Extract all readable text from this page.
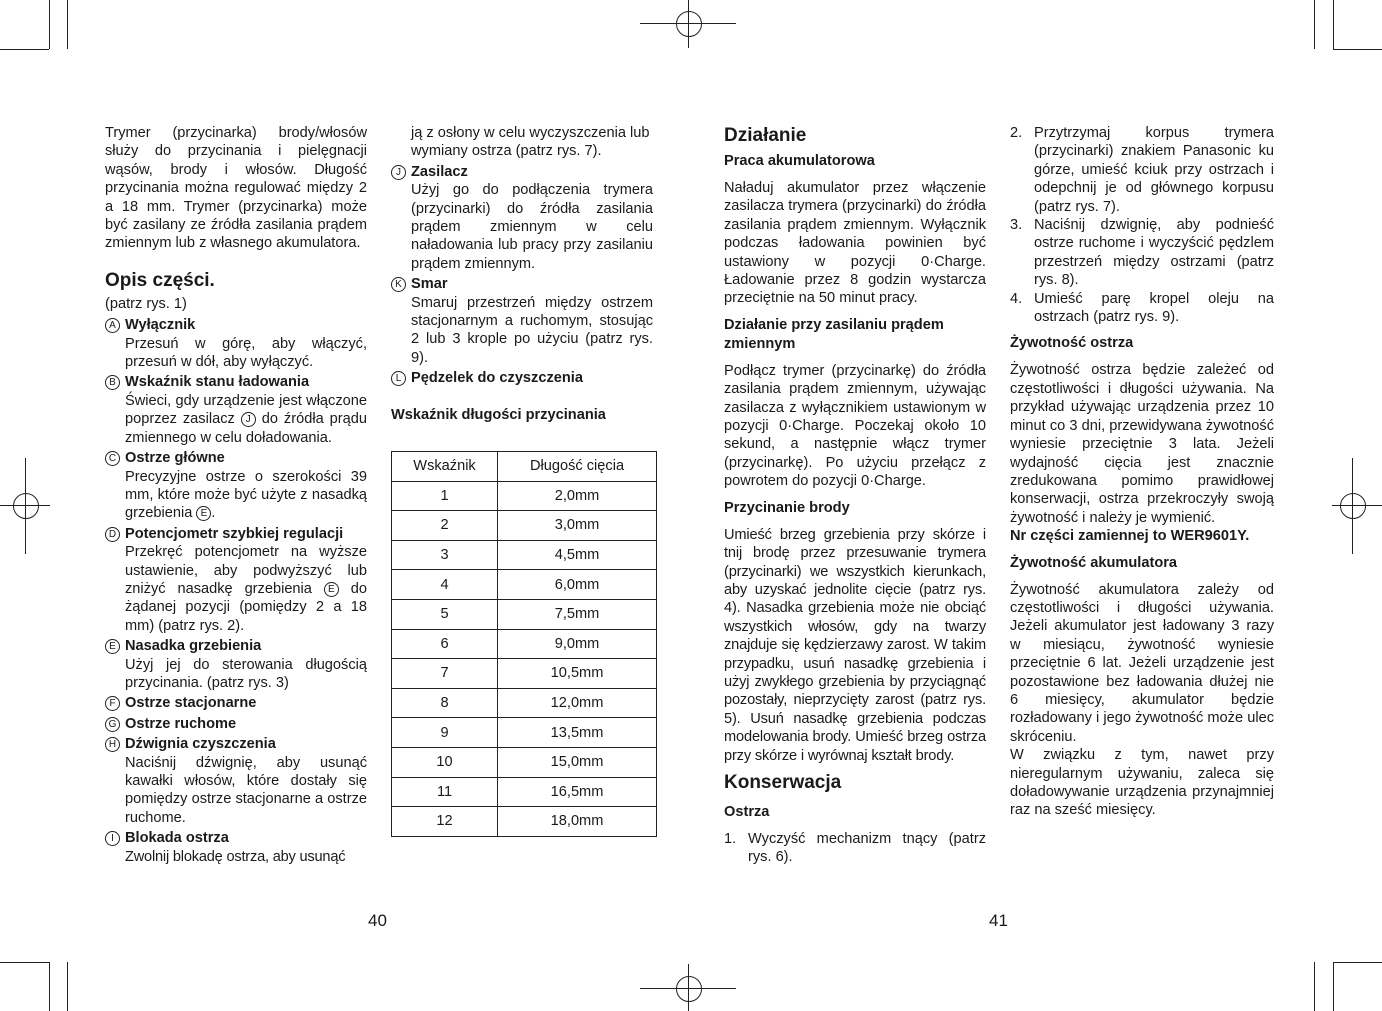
Trymer (przycinarka) brody/włosów służy do przycinania i pielęgnacji wąsów, brody i włosów. Długość przycinania można regulować między 2 a 18 mm. Trymer (przycinarka) może być zasilany ze źródła zasilania prądem zmiennym lub z własnego akumulatora.

Opis części.

(patrz rys. 1)

A Wyłącznik
Przesuń w górę, aby włączyć, przesuń w dół, aby wyłączyć.
B Wskaźnik stanu ładowania
Świeci, gdy urządzenie jest włączone poprzez zasilacz J do źródła prądu zmiennego w celu doładowania.
C Ostrze główne
Precyzyjne ostrze o szerokości 39 mm, które może być użyte z nasadką grzebienia E .
D Potencjometr szybkiej regulacji
Przekręć potencjometr na wyższe ustawienie, aby podwyższyć lub zniżyć nasadkę grzebienia E do żądanej pozycji (pomiędzy 2 a 18 mm) (patrz rys. 2).
E Nasadka grzebienia
Użyj jej do sterowania długością przycinania. (patrz rys. 3)
F Ostrze stacjonarne
G Ostrze ruchome
H Dźwignia czyszczenia
Naciśnij dźwignię, aby usunąć kawałki włosów, które dostały się pomiędzy ostrze stacjonarne a ostrze ruchome.
I Blokada ostrza
Zwolnij blokadę ostrza, aby usunąć

ją z osłony w celu wyczyszczenia lub wymiany ostrza (patrz rys. 7).

J Zasilacz
Użyj go do podłączenia trymera (przycinarki) do źródła zasilania prądem zmiennym w celu naładowania lub pracy przy zasilaniu prądem zmiennym.
K Smar
Smaruj przestrzeń między ostrzem stacjonarnym a ruchomym, stosując 2 lub 3 krople po użyciu (patrz rys. 9).
L Pędzelek do czyszczenia
Wskaźnik długości przycinania
Wskaźnik	Długość cięcia
1	2,0mm
2	3,0mm
3	4,5mm
4	6,0mm
5	7,5mm
6	9,0mm
7	10,5mm
8	12,0mm
9	13,5mm
10	15,0mm
11	16,5mm
12	18,0mm
40
Działanie
Praca akumulatorowa

Naładuj akumulator przez włączenie zasilacza trymera (przycinarki) do źródła zasilania prądem zmiennym. Wyłącznik podczas ładowania powinien być ustawiony w pozycji 0·Charge. Ładowanie przez 8 godzin wystarcza przeciętnie na 50 minut pracy.

Działanie przy zasilaniu prądem zmiennym

Podłącz trymer (przycinarkę) do źródła zasilania prądem zmiennym, używając zasilacza z wyłącznikiem ustawionym w pozycji 0·Charge. Poczekaj około 10 sekund, a następnie włącz trymer (przycinarkę). Po użyciu przełącz z powrotem do pozycji 0·Charge.

Przycinanie brody

Umieść brzeg grzebienia przy skórze i tnij brodę przez przesuwanie trymera (przycinarki) we wszystkich kierunkach, aby uzyskać jednolite cięcie (patrz rys. 4). Nasadka grzebienia może nie obciąć wszystkich włosów, gdy na twarzy znajduje się kędzierzawy zarost. W takim przypadku, usuń nasadkę grzebienia i użyj zwykłego grzebienia by przyciągnąć pozostały, nieprzycięty zarost (patrz rys. 5). Usuń nasadkę grzebienia podczas modelowania brody. Umieść brzeg ostrza przy skórze i wyrównaj kształt brody.

Konserwacja
Ostrza
1. Wyczyść mechanizm tnący (patrz rys. 6).
2. Przytrzymaj korpus trymera (przycinarki) znakiem Panasonic ku górze, umieść kciuk przy ostrzach i odepchnij je od głównego korpusu (patrz rys. 7).
3. Naciśnij dzwignię, aby podnieść ostrze ruchome i wyczyścić pędzlem przestrzeń między ostrzami (patrz rys. 8).
4. Umieść parę kropel oleju na ostrzach (patrz rys. 9).
Żywotność ostrza

Żywotność ostrza będzie zależeć od częstotliwości i długości używania. Na przykład używając urządzenia przez 10 minut co 3 dni, przewidywana żywotność wyniesie przeciętnie 3 lata. Jeżeli wydajność cięcia jest znacznie zredukowana pomimo prawidłowej konserwacji, ostrza przekroczyły swoją żywotność i należy je wymienić.

Nr części zamiennej to WER9601Y.

Żywotność akumulatora

Żywotność akumulatora zależy od częstotliwości i długości używania. Jeżeli akumulator jest ładowany 3 razy w miesiącu, żywotność wyniesie przeciętnie 6 lat. Jeżeli urządzenie jest pozostawione bez ładowania dłużej nie 6 miesięcy, akumulator będzie rozładowany i jego żywotność może ulec skróceniu.

W związku z tym, nawet przy nieregularnym używaniu, zaleca się doładowywanie urządzenia przynajmniej raz na sześć miesięcy.

41
